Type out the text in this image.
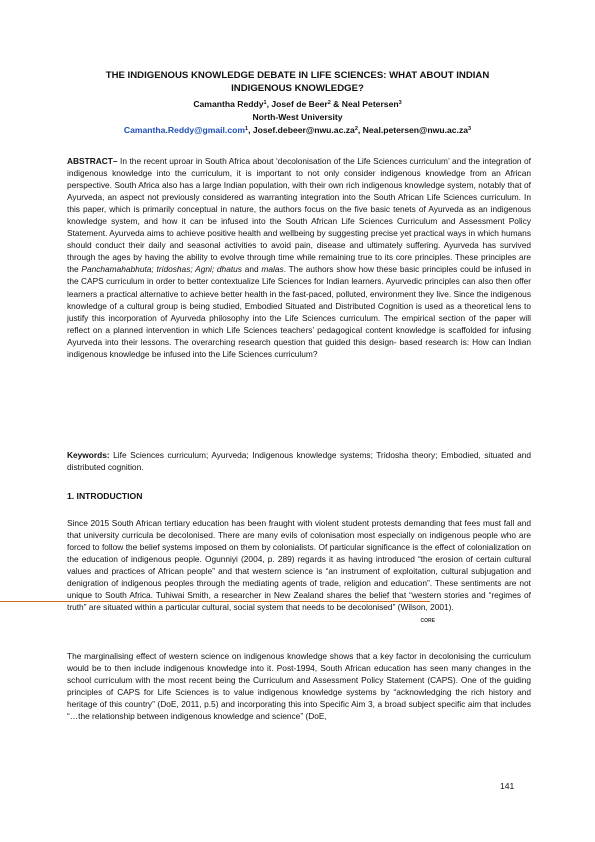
THE INDIGENOUS KNOWLEDGE DEBATE IN LIFE SCIENCES: WHAT ABOUT INDIAN
INDIGENOUS KNOWLEDGE?
Camantha Reddy$^1$, Josef de Beer$^2$ & Neal Petersen$^3$
North-West University
Camantha.Reddy@gmail.com$^1$, $Josef.debeer@nwu.ac.za^2$, $Neal.petersen@nwu.ac.za^3$
ABSTRACT– In the recent uproar in South Africa about ‘decolonisation of the Life Sciences curriculum’ and the integration of indigenous knowledge into the curriculum, it is important to not only consider indigenous knowledge from an African perspective. South Africa also has a large Indian population, with their own rich indigenous knowledge system, notably that of Ayurveda, an aspect not previously considered as warranting integration into the South African Life Sciences curriculum. In this paper, which is primarily conceptual in nature, the authors focus on the five basic tenets of Ayurveda as an indigenous knowledge system, and how it can be infused into the South African Life Sciences Curriculum and Assessment Policy Statement. Ayurveda aims to achieve positive health and wellbeing by suggesting precise yet practical ways in which humans should conduct their daily and seasonal activities to avoid pain, disease and ultimately suffering. Ayurveda has survived through the ages by having the ability to evolve through time while remaining true to its core principles. These principles are the Panchamahabhuta; tridoshas; Agni; dhatus and malas. The authors show how these basic principles could be infused in the CAPS curriculum in order to better contextualize Life Sciences for Indian learners. Ayurvedic principles can also then offer learners a practical alternative to achieve better health in the fast-paced, polluted, environment they live. Since the indigenous knowledge of a cultural group is being studied, Embodied Situated and Distributed Cognition is used as a theoretical lens to justify this incorporation of Ayurveda philosophy into the Life Sciences curriculum. The empirical section of the paper will reflect on a planned intervention in which Life Sciences teachers’ pedagogical content knowledge is scaffolded for infusing Ayurveda into their lessons. The overarching research question that guided this design- based research is: How can Indian indigenous knowledge be infused into the Life Sciences curriculum?
Keywords: Life Sciences curriculum; Ayurveda; Indigenous knowledge systems; Tridosha theory; Embodied, situated and distributed cognition.
1. INTRODUCTION
Since 2015 South African tertiary education has been fraught with violent student protests demanding that fees must fall and that university curricula be decolonised. There are many evils of colonisation most especially on indigenous people who are forced to follow the belief systems imposed on them by colonialists. Of particular significance is the effect of colonialization on the education of indigenous people. Ogunniyi (2004, p. 289) regards it as having introduced “the erosion of certain cultural values and practices of African people” and that western science is “an instrument of exploitation, cultural subjugation and denigration of indigenous peoples through the mediating agents of trade, religion and education”. These sentiments are not unique to South Africa. Tuhiwai Smith, a researcher in New Zealand shares the belief that “western stories and “regimes of truth” are situated within a particular cultural, social system that needs to be decolonised” (Wilson, 2001).
CORE
The marginalising effect of western science on indigenous knowledge shows that a key factor in decolonising the curriculum would be to then include indigenous knowledge into it. Post-1994, South African education has seen many changes in the school curriculum with the most recent being the Curriculum and Assessment Policy Statement (CAPS). One of the guiding principles of CAPS for Life Sciences is to value indigenous knowledge systems by “acknowledging the rich history and heritage of this country” (DoE, 2011, p.5) and incorporating this into Specific Aim 3, a broad subject specific aim that includes “…the relationship between indigenous knowledge and science” (DoE,
141
